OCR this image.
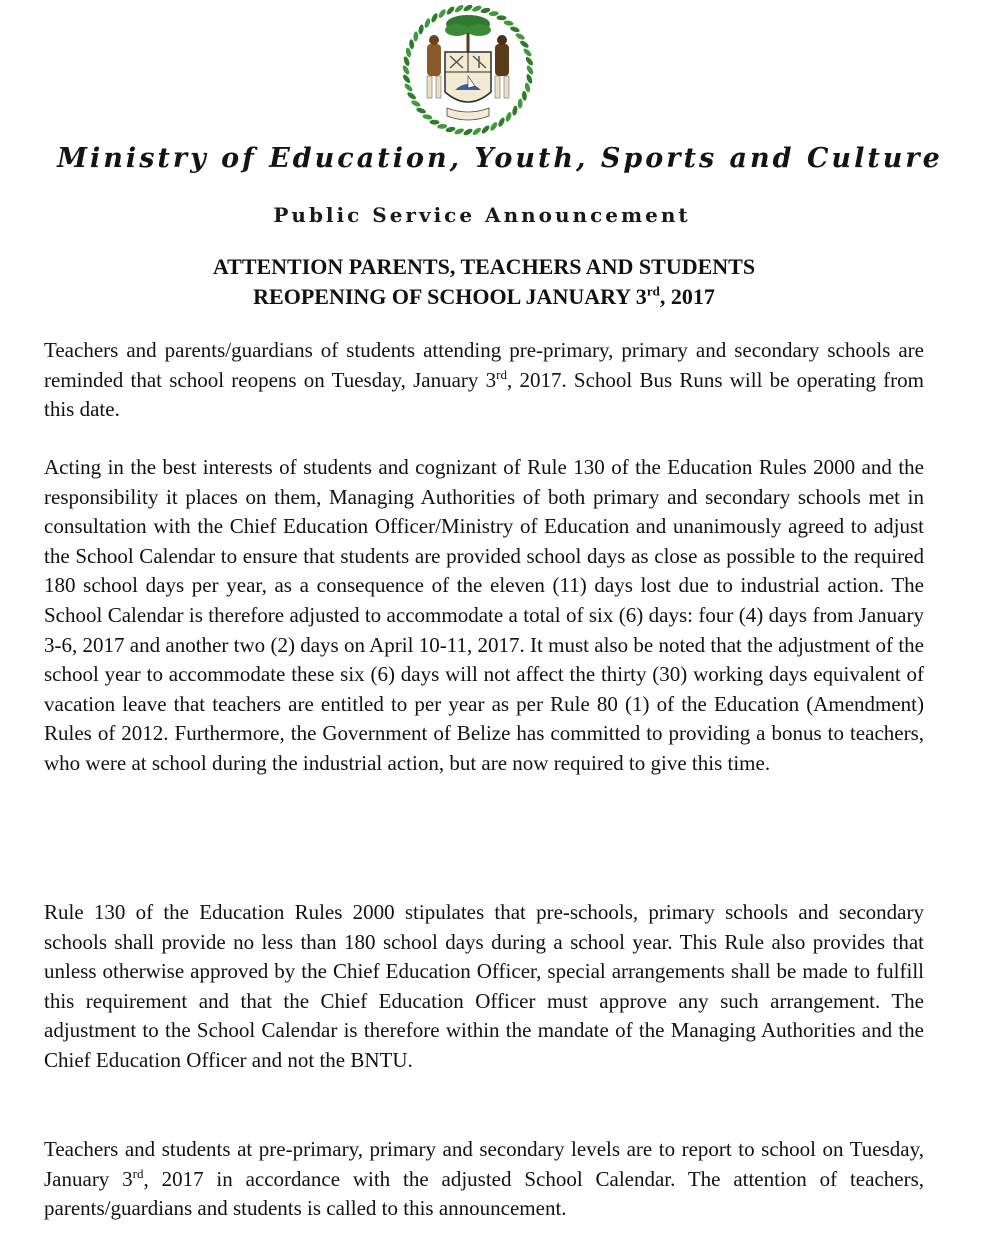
Ministry of Education, Youth, Sports and Culture
Public Service Announcement
ATTENTION PARENTS, TEACHERS AND STUDENTS
REOPENING OF SCHOOL JANUARY 3rd, 2017

Teachers and parents/guardians of students attending pre-primary, primary and secondary schools are reminded that school reopens on Tuesday, January 3rd, 2017. School Bus Runs will be operating from this date.

Acting in the best interests of students and cognizant of Rule 130 of the Education Rules 2000 and the responsibility it places on them, Managing Authorities of both primary and secondary schools met in consultation with the Chief Education Officer/Ministry of Education and unanimously agreed to adjust the School Calendar to ensure that students are provided school days as close as possible to the required 180 school days per year, as a consequence of the eleven (11) days lost due to industrial action. The School Calendar is therefore adjusted to accommodate a total of six (6) days: four (4) days from January 3-6, 2017 and another two (2) days on April 10-11, 2017. It must also be noted that the adjustment of the school year to accommodate these six (6) days will not affect the thirty (30) working days equivalent of vacation leave that teachers are entitled to per year as per Rule 80 (1) of the Education (Amendment) Rules of 2012. Furthermore, the Government of Belize has committed to providing a bonus to teachers, who were at school during the industrial action, but are now required to give this time.

Rule 130 of the Education Rules 2000 stipulates that pre-schools, primary schools and secondary schools shall provide no less than 180 school days during a school year. This Rule also provides that unless otherwise approved by the Chief Education Officer, special arrangements shall be made to fulfill this requirement and that the Chief Education Officer must approve any such arrangement. The adjustment to the School Calendar is therefore within the mandate of the Managing Authorities and the Chief Education Officer and not the BNTU.

Teachers and students at pre-primary, primary and secondary levels are to report to school on Tuesday, January 3rd, 2017 in accordance with the adjusted School Calendar. The attention of teachers, parents/guardians and students is called to this announcement.
